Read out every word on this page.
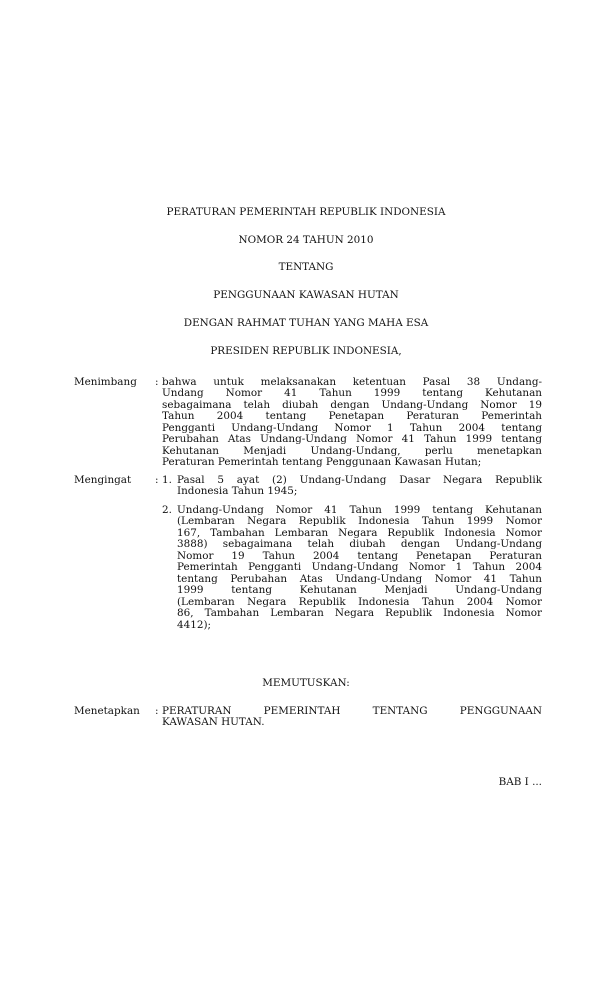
PERATURAN PEMERINTAH REPUBLIK INDONESIA
NOMOR 24 TAHUN 2010
TENTANG
PENGGUNAAN KAWASAN HUTAN
DENGAN RAHMAT TUHAN YANG MAHA ESA
PRESIDEN REPUBLIK INDONESIA,
Menimbang : bahwa untuk melaksanakan ketentuan Pasal 38 Undang-
Undang Nomor 41 Tahun 1999 tentang Kehutanan
sebagaimana telah diubah dengan Undang-Undang Nomor 19
Tahun 2004 tentang Penetapan Peraturan Pemerintah
Pengganti Undang-Undang Nomor 1 Tahun 2004 tentang
Perubahan Atas Undang-Undang Nomor 41 Tahun 1999 tentang
Kehutanan Menjadi Undang-Undang, perlu menetapkan
Peraturan Pemerintah tentang Penggunaan Kawasan Hutan;
Mengingat : 1. Pasal 5 ayat (2) Undang-Undang Dasar Negara Republik
Indonesia Tahun 1945;
2. Undang-Undang Nomor 41 Tahun 1999 tentang Kehutanan
(Lembaran Negara Republik Indonesia Tahun 1999 Nomor
167, Tambahan Lembaran Negara Republik Indonesia Nomor
3888) sebagaimana telah diubah dengan Undang-Undang
Nomor 19 Tahun 2004 tentang Penetapan Peraturan
Pemerintah Pengganti Undang-Undang Nomor 1 Tahun 2004
tentang Perubahan Atas Undang-Undang Nomor 41 Tahun
1999 tentang Kehutanan Menjadi Undang-Undang
(Lembaran Negara Republik Indonesia Tahun 2004 Nomor
86, Tambahan Lembaran Negara Republik Indonesia Nomor
4412);
MEMUTUSKAN:
Menetapkan : PERATURAN PEMERINTAH TENTANG PENGGUNAAN
KAWASAN HUTAN.
BAB I ...
